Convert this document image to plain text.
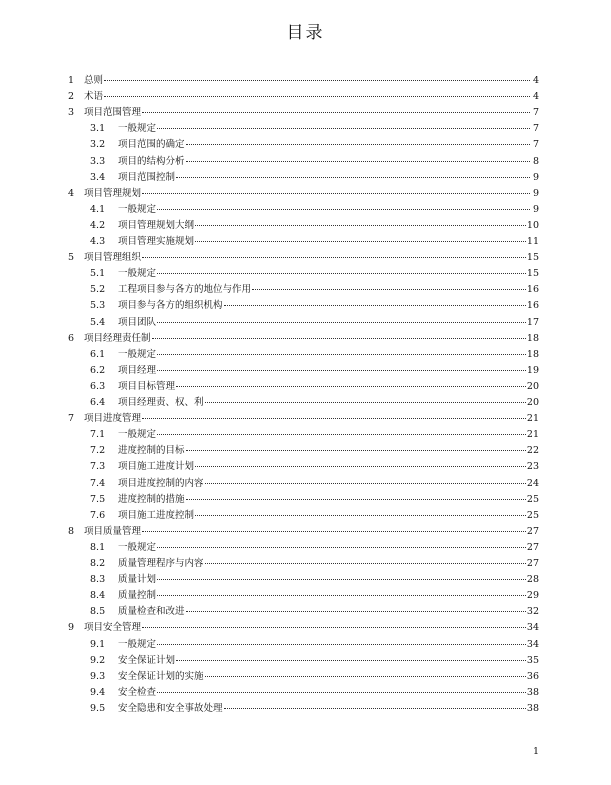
目录
1 总则	4
2 术语	4
3 项目范围管理	7
3.1 一般规定	7
3.2 项目范围的确定	7
3.3 项目的结构分析	8
3.4 项目范围控制	9
4 项目管理规划	9
4.1 一般规定	9
4.2 项目管理规划大纲	10
4.3 项目管理实施规划	11
5 项目管理组织	15
5.1 一般规定	15
5.2 工程项目参与各方的地位与作用	16
5.3 项目参与各方的组织机构	16
5.4 项目团队	17
6 项目经理责任制	18
6.1 一般规定	18
6.2 项目经理	19
6.3 项目目标管理	20
6.4 项目经理责、权、利	20
7 项目进度管理	21
7.1 一般规定	21
7.2 进度控制的目标	22
7.3 项目施工进度计划	23
7.4 项目进度控制的内容	24
7.5 进度控制的措施	25
7.6 项目施工进度控制	25
8 项目质量管理	27
8.1 一般规定	27
8.2 质量管理程序与内容	27
8.3 质量计划	28
8.4 质量控制	29
8.5 质量检查和改进	32
9 项目安全管理	34
9.1 一般规定	34
9.2 安全保证计划	35
9.3 安全保证计划的实施	36
9.4 安全检查	38
9.5 安全隐患和安全事故处理	38
1
